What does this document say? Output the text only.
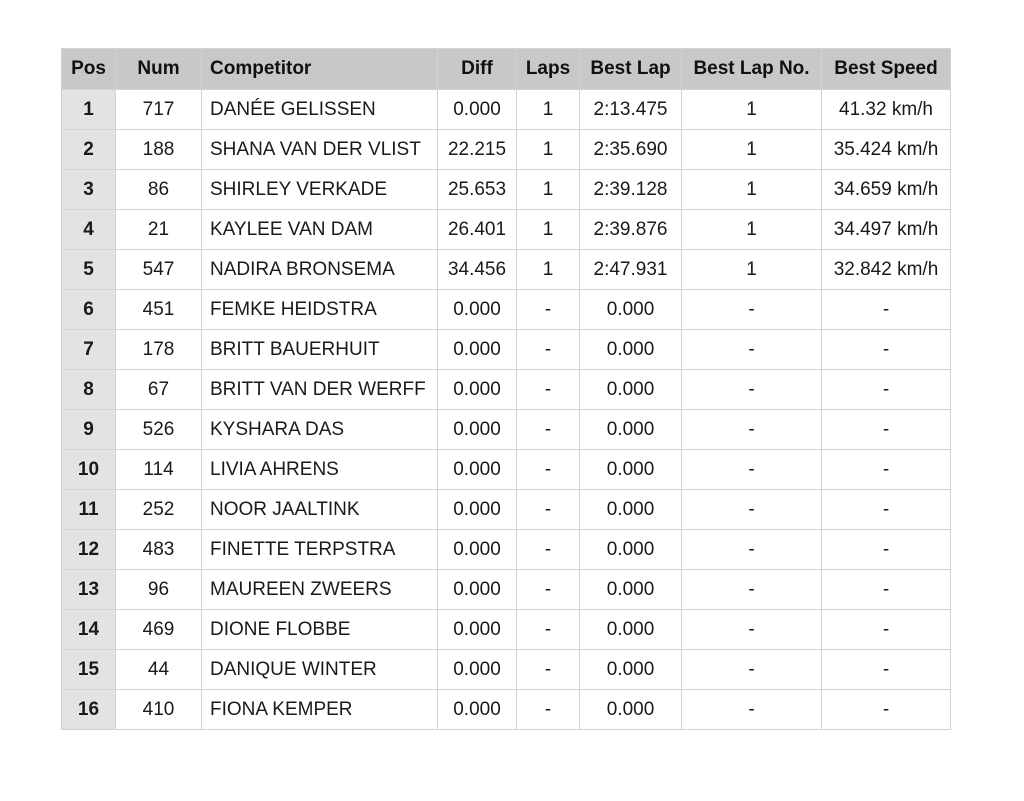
Pos	Num	Competitor	Diff	Laps	Best Lap	Best Lap No.	Best Speed
1	717	DANÉE GELISSEN	0.000	1	2:13.475	1	41.32 km/h
2	188	SHANA VAN DER VLIST	22.215	1	2:35.690	1	35.424 km/h
3	86	SHIRLEY VERKADE	25.653	1	2:39.128	1	34.659 km/h
4	21	KAYLEE VAN DAM	26.401	1	2:39.876	1	34.497 km/h
5	547	NADIRA BRONSEMA	34.456	1	2:47.931	1	32.842 km/h
6	451	FEMKE HEIDSTRA	0.000	-	0.000	-	-
7	178	BRITT BAUERHUIT	0.000	-	0.000	-	-
8	67	BRITT VAN DER WERFF	0.000	-	0.000	-	-
9	526	KYSHARA DAS	0.000	-	0.000	-	-
10	114	LIVIA AHRENS	0.000	-	0.000	-	-
11	252	NOOR JAALTINK	0.000	-	0.000	-	-
12	483	FINETTE TERPSTRA	0.000	-	0.000	-	-
13	96	MAUREEN ZWEERS	0.000	-	0.000	-	-
14	469	DIONE FLOBBE	0.000	-	0.000	-	-
15	44	DANIQUE WINTER	0.000	-	0.000	-	-
16	410	FIONA KEMPER	0.000	-	0.000	-	-
